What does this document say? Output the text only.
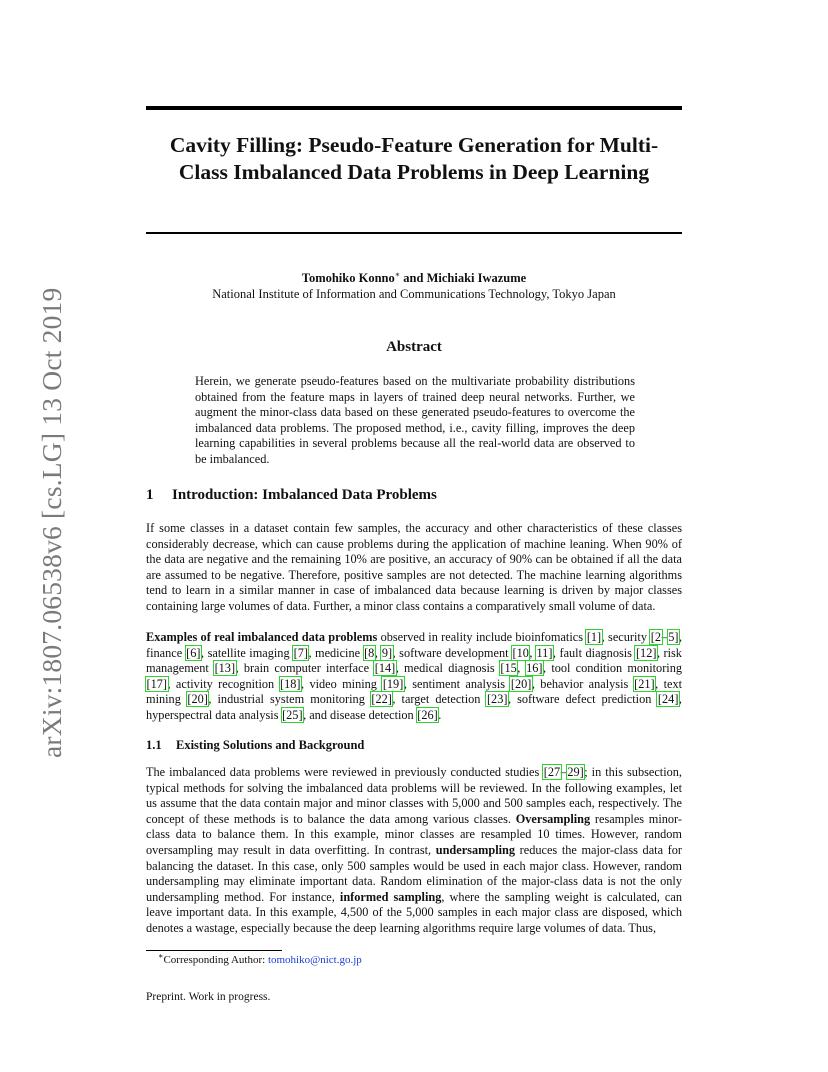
arXiv:1807.06538v6 [cs.LG] 13 Oct 2019
Cavity Filling: Pseudo-Feature Generation for Multi-Class Imbalanced Data Problems in Deep Learning
Tomohiko Konno∗ and Michiaki Iwazume
National Institute of Information and Communications Technology, Tokyo Japan
Abstract
Herein, we generate pseudo-features based on the multivariate probability distributions obtained from the feature maps in layers of trained deep neural networks. Further, we augment the minor-class data based on these generated pseudo-features to overcome the imbalanced data problems. The proposed method, i.e., cavity filling, improves the deep learning capabilities in several problems because all the real-world data are observed to be imbalanced.
1 Introduction: Imbalanced Data Problems
If some classes in a dataset contain few samples, the accuracy and other characteristics of these classes considerably decrease, which can cause problems during the application of machine leaning. When 90% of the data are negative and the remaining 10% are positive, an accuracy of 90% can be obtained if all the data are assumed to be negative. Therefore, positive samples are not detected. The machine learning algorithms tend to learn in a similar manner in case of imbalanced data because learning is driven by major classes containing large volumes of data. Further, a minor class contains a comparatively small volume of data.
Examples of real imbalanced data problems observed in reality include bioinfomatics [1], security [2–5], finance [6], satellite imaging [7], medicine [8, 9], software development [10, 11], fault diagnosis [12], risk management [13], brain computer interface [14], medical diagnosis [15, 16], tool condition monitoring [17], activity recognition [18], video mining [19], sentiment analysis [20], behavior analysis [21], text mining [20], industrial system monitoring [22], target detection [23], software defect prediction [24], hyperspectral data analysis [25], and disease detection [26].
1.1 Existing Solutions and Background
The imbalanced data problems were reviewed in previously conducted studies [27–29]; in this subsection, typical methods for solving the imbalanced data problems will be reviewed. In the following examples, let us assume that the data contain major and minor classes with 5,000 and 500 samples each, respectively. The concept of these methods is to balance the data among various classes. Oversampling resamples minor-class data to balance them. In this example, minor classes are resampled 10 times. However, random oversampling may result in data overfitting. In contrast, undersampling reduces the major-class data for balancing the dataset. In this case, only 500 samples would be used in each major class. However, random undersampling may eliminate important data. Random elimination of the major-class data is not the only undersampling method. For instance, informed sampling, where the sampling weight is calculated, can leave important data. In this example, 4,500 of the 5,000 samples in each major class are disposed, which denotes a wastage, especially because the deep learning algorithms require large volumes of data. Thus,
∗Corresponding Author: tomohiko@nict.go.jp
Preprint. Work in progress.
